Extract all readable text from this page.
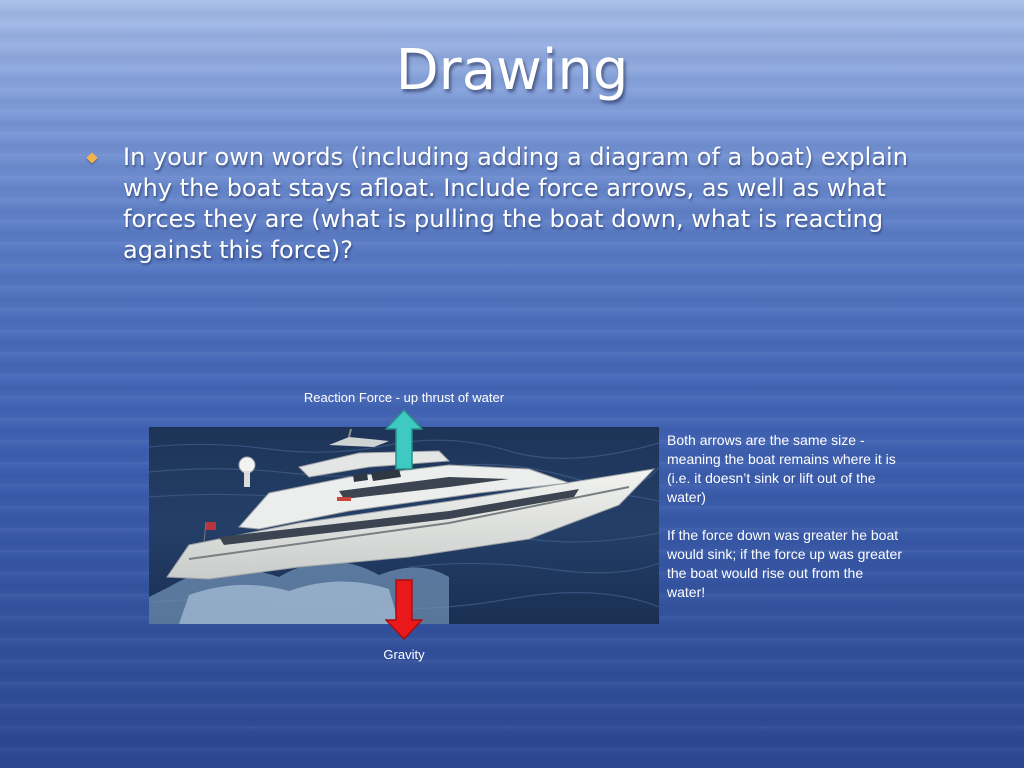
Drawing
In your own words (including adding a diagram of a boat) explain why the boat stays afloat. Include force arrows, as well as what forces they are (what is pulling the boat down, what is reacting against this force)?
Reaction Force - up thrust of water
Gravity

Both arrows are the same size - meaning the boat remains where it is (i.e. it doesn’t sink or lift out of the water)

If the force down was greater he boat would sink; if the force up was greater the boat would rise out from the water!
